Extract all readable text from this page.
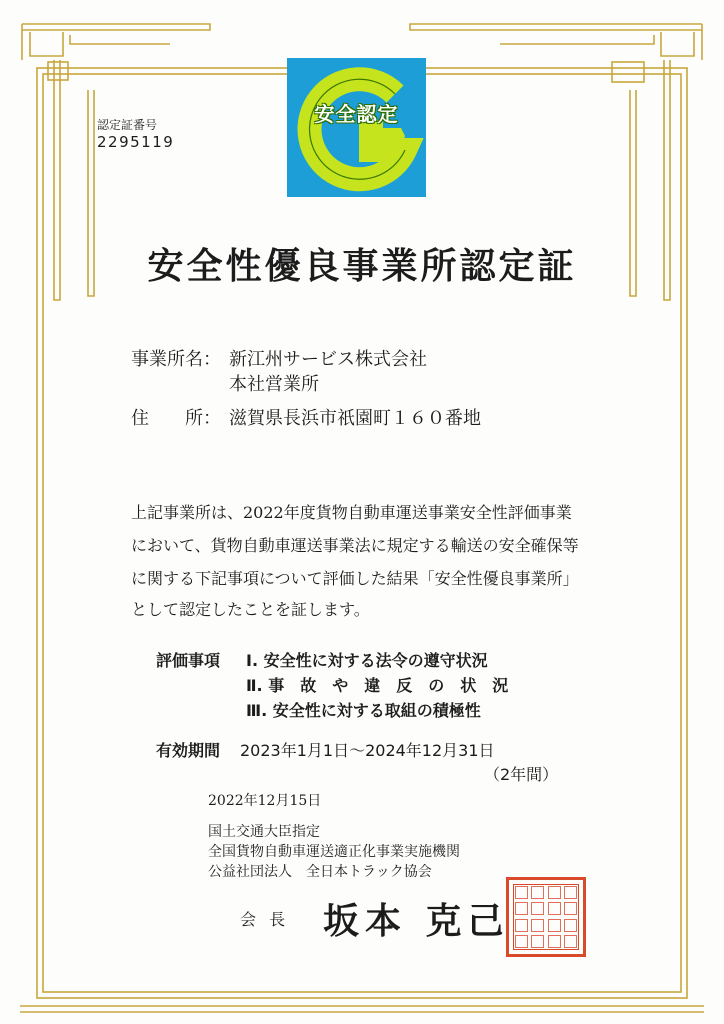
認定証番号
2295119
安全認定
安全性優良事業所認定証
事業所名： 新江州サービス株式会社
本社営業所
住　　所： 滋賀県長浜市祇園町１６０番地
上記事業所は、2022年度貨物自動車運送事業安全性評価事業
において、貨物自動車運送事業法に規定する輸送の安全確保等
に関する下記事項について評価した結果「安全性優良事業所」
として認定したことを証します。
評価事項 Ⅰ. 安全性に対する法令の遵守状況
Ⅱ. 事　故　や　違　反　の　状　況
Ⅲ. 安全性に対する取組の積極性
有効期間 2023年1月1日～2024年12月31日
（2年間）
2022年12月15日
国土交通大臣指定
全国貨物自動車運送適正化事業実施機関
公益社団法人　全日本トラック協会
会 長 坂本 克己
